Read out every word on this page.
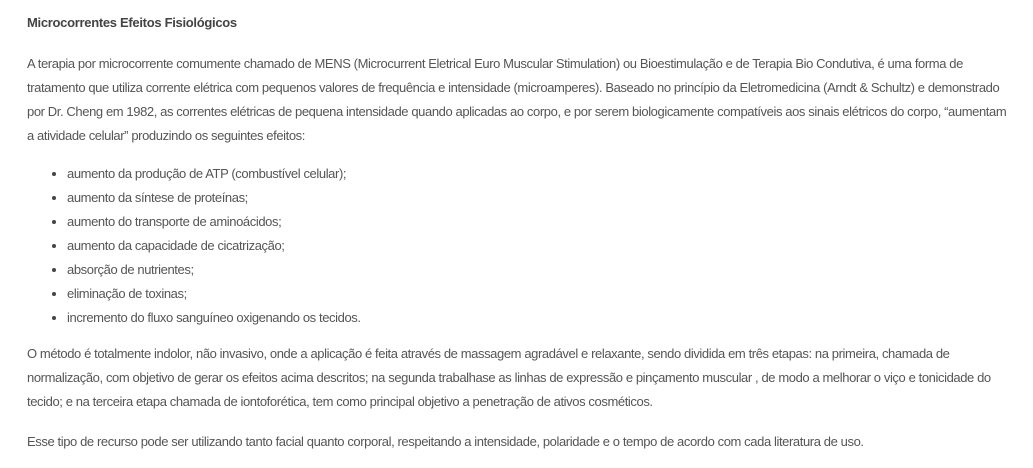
Microcorrentes Efeitos Fisiológicos

A terapia por microcorrente comumente chamado de MENS (Microcurrent Eletrical Euro Muscular Stimulation) ou Bioestimulação e de Terapia Bio Condutiva, é uma forma de tratamento que utiliza corrente elétrica com pequenos valores de frequência e intensidade (microamperes). Baseado no princípio da Eletromedicina (Arndt & Schultz) e demonstrado por Dr. Cheng em 1982, as correntes elétricas de pequena intensidade quando aplicadas ao corpo, e por serem biologicamente compatíveis aos sinais elétricos do corpo, “aumentam a atividade celular” produzindo os seguintes efeitos:

• aumento da produção de ATP (combustível celular);
• aumento da síntese de proteínas;
• aumento do transporte de aminoácidos;
• aumento da capacidade de cicatrização;
• absorção de nutrientes;
• eliminação de toxinas;
• incremento do fluxo sanguíneo oxigenando os tecidos.

O método é totalmente indolor, não invasivo, onde a aplicação é feita através de massagem agradável e relaxante, sendo dividida em três etapas: na primeira, chamada de normalização, com objetivo de gerar os efeitos acima descritos; na segunda trabalhase as linhas de expressão e pinçamento muscular , de modo a melhorar o viço e tonicidade do tecido; e na terceira etapa chamada de iontoforética, tem como principal objetivo a penetração de ativos cosméticos.

Esse tipo de recurso pode ser utilizando tanto facial quanto corporal, respeitando a intensidade, polaridade e o tempo de acordo com cada literatura de uso.
